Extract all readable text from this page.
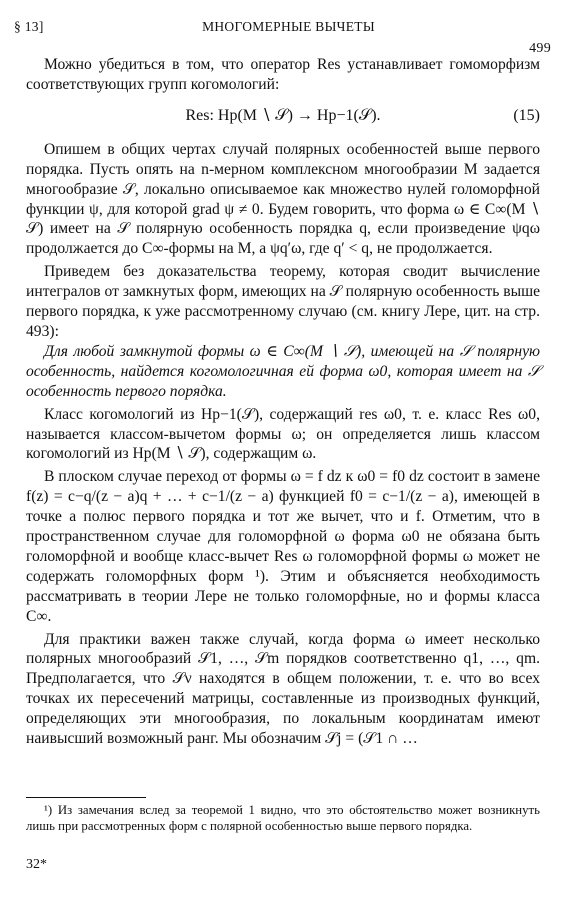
§ 13]	МНОГОМЕРНЫЕ ВЫЧЕТЫ
499

Можно убедиться в том, что оператор Res устанавливает гомоморфизм соответствующих групп когомологий:

Res: Hp(M ∖ 𝒮) → Hp−1(𝒮).	(15)

Опишем в общих чертах случай полярных особенностей выше первого порядка. Пусть опять на n-мерном комплексном многообразии M задается многообразие 𝒮, локально описываемое как множество нулей голоморфной функции ψ, для которой grad ψ ≠ 0. Будем говорить, что форма ω ∈ C∞(M ∖ 𝒮) имеет на 𝒮 полярную особенность порядка q, если произведение ψqω продолжается до C∞-формы на M, а ψq′ω, где q′ < q, не продолжается.

Приведем без доказательства теорему, которая сводит вычисление интегралов от замкнутых форм, имеющих на 𝒮 полярную особенность выше первого порядка, к уже рассмотренному случаю (см. книгу Лере, цит. на стр. 493):

Для любой замкнутой формы ω ∈ C∞(M ∖ 𝒮), имеющей на 𝒮 полярную особенность, найдется когомологичная ей форма ω0, которая имеет на 𝒮 особенность первого порядка.

Класс когомологий из Hp−1(𝒮), содержащий res ω0, т. е. класс Res ω0, называется классом-вычетом формы ω; он определяется лишь классом когомологий из Hp(M ∖ 𝒮), содержащим ω.

В плоском случае переход от формы ω = f dz к ω0 = f0 dz состоит в замене f(z) = c−q/(z − a)q + … + c−1/(z − a) функцией f0 = c−1/(z − a), имеющей в точке a полюс первого порядка и тот же вычет, что и f. Отметим, что в пространственном случае для голоморфной ω форма ω0 не обязана быть голоморфной и вообще класс-вычет Res ω голоморфной формы ω может не содержать голоморфных форм ¹). Этим и объясняется необходимость рассматривать в теории Лере не только голоморфные, но и формы класса C∞.

Для практики важен также случай, когда форма ω имеет несколько полярных многообразий 𝒮1, …, 𝒮m порядков соответственно q1, …, qm. Предполагается, что 𝒮ν находятся в общем положении, т. е. что во всех точках их пересечений матрицы, составленные из производных функций, определяющих эти многообразия, по локальным координатам имеют наивысший возможный ранг. Мы обозначим 𝒮j = (𝒮1 ∩ …

¹) Из замечания вслед за теоремой 1 видно, что это обстоятельство может возникнуть лишь при рассмотренных форм с полярной особенностью выше первого порядка.

32*
